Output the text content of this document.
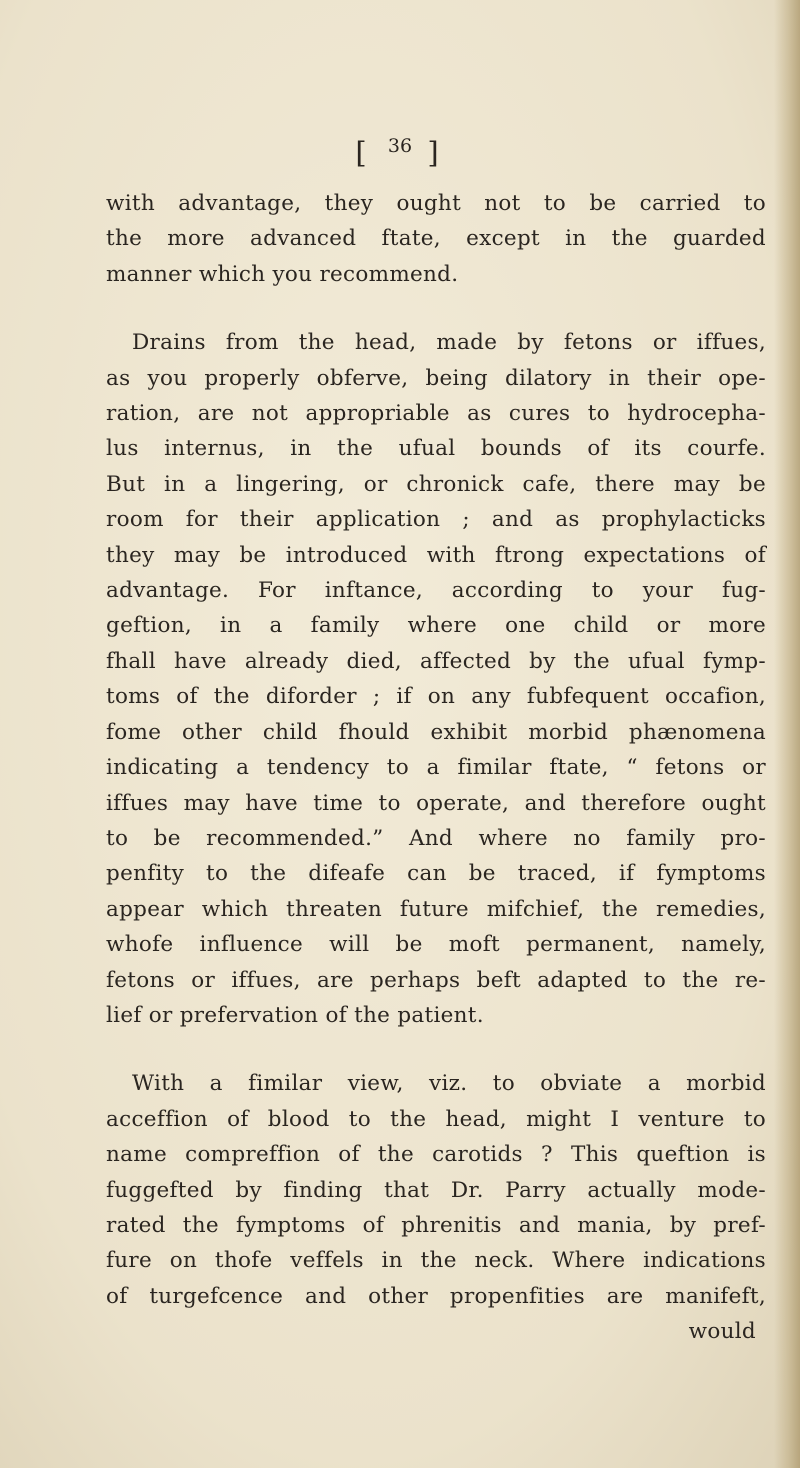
[ $^{36}$ ]
with advantage, they ought not to be carried to
the more advanced ftate, except in the guarded
manner which you recommend.
Drains from the head, made by fetons or iffues,
as you properly obferve, being dilatory in their ope-
ration, are not appropriable as cures to hydrocepha-
lus internus, in the ufual bounds of its courfe.
But in a lingering, or chronick cafe, there may be
room for their application ; and as prophylacticks
they may be introduced with ftrong expectations of
advantage. For inftance, according to your fug-
geftion, in a family where one child or more
fhall have already died, affected by the ufual fymp-
toms of the diforder ; if on any fubfequent occafion,
fome other child fhould exhibit morbid phænomena
indicating a tendency to a fimilar ftate, “ fetons or
iffues may have time to operate, and therefore ought
to be recommended.” And where no family pro-
penfity to the difeafe can be traced, if fymptoms
appear which threaten future mifchief, the remedies,
whofe influence will be moft permanent, namely,
fetons or iffues, are perhaps beft adapted to the re-
lief or prefervation of the patient.
With a fimilar view, viz. to obviate a morbid
acceffion of blood to the head, might I venture to
name compreffion of the carotids ? This queftion is
fuggefted by finding that Dr. Parry actually mode-
rated the fymptoms of phrenitis and mania, by pref-
fure on thofe veffels in the neck. Where indications
of turgefcence and other propenfities are manifeft,
would
